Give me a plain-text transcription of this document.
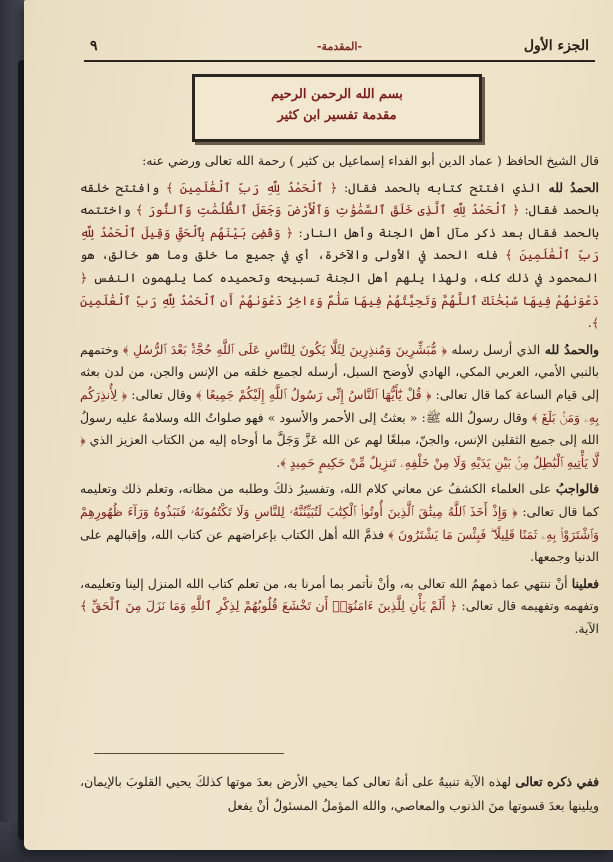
الجزء الأول
-المقدمة-
٩
بسم الله الرحمن الرحيم
مقدمة تفسير ابن كثير

قال الشيخ الحافظ ( عماد الدين أبو الفداء إسماعيل بن كثير ) رحمة الله تعالى ورضي عنه:

الحمدُ لله الذي افتتح كتابه بالحمد فقال: ﴿ ٱلْحَمْدُ لِلَّهِ رَبِّ ٱلْعَٰلَمِينَ ﴾ وافتتح خلقه بالحمد فقال: ﴿ ٱلْحَمْدُ لِلَّهِ ٱلَّذِى خَلَقَ ٱلسَّمَٰوَٰتِ وَٱلْأَرْضَ وَجَعَلَ ٱلظُّلُمَٰتِ وَٱلنُّورَ ﴾ واختتمه بالحمد فقال بعد ذكر مآل أهل الجنة وأهل النار: ﴿ وَقُضِىَ بَيْنَهُم بِٱلْحَقِّ وَقِيلَ ٱلْحَمْدُ لِلَّهِ رَبِّ ٱلْعَٰلَمِينَ ﴾ فله الحمد في الأولى والآخرة، أي في جميع ما خلق وما هو خالق، هو المحمود في ذلك كله، ولهذا يلهم أهل الجنة تسبيحه وتحميده كما يلهمون النفس ﴿ دَعْوَىٰهُمْ فِيهَا سُبْحَٰنَكَ ٱللَّهُمَّ وَتَحِيَّتُهُمْ فِيهَا سَلَٰمٌ وَءَاخِرُ دَعْوَىٰهُمْ أَنِ ٱلْحَمْدُ لِلَّهِ رَبِّ ٱلْعَٰلَمِينَ ﴾.

والحمدُ لله الذي أرسل رسله ﴿ مُّبَشِّرِينَ وَمُنذِرِينَ لِئَلَّا يَكُونَ لِلنَّاسِ عَلَى ٱللَّهِ حُجَّةٌۢ بَعْدَ ٱلرُّسُلِ ﴾ وختمهم بالنبي الأمي، العربي المكي، الهادي لأوضح السبل، أرسله لجميع خلقه من الإنس والجن، من لدن بعثه إلى قيام الساعة كما قال تعالى: ﴿ قُلْ يَٰٓأَيُّهَا ٱلنَّاسُ إِنِّى رَسُولُ ٱللَّهِ إِلَيْكُمْ جَمِيعًا ﴾ وقال تعالى: ﴿ لِأُنذِرَكُم بِهِۦ وَمَنۢ بَلَغَ ﴾ وقال رسولُ الله ﷺ: « بعثتُ إلى الأحمر والأسود » فهو صلواتُ الله وسلامهُ عليه رسولُ الله إلى جميع الثقلين الإنس، والجنّ، مبلغًا لهم عن الله عَزَّ وَجَلَّ ما أوحاه إليه من الكتاب العزيز الذي ﴿ لَّا يَأْتِيهِ ٱلْبَٰطِلُ مِنۢ بَيْنِ يَدَيْهِ وَلَا مِنْ خَلْفِهِۦ تَنزِيلٌ مِّنْ حَكِيمٍ حَمِيدٍ ﴾.

فالواجبُ على العلماء الكشفُ عن معاني كلام الله، وتفسيرُ ذلكَ وطلبه من مظانه، وتعلم ذلك وتعليمه كما قال تعالى: ﴿ وَإِذْ أَخَذَ ٱللَّهُ مِيثَٰقَ ٱلَّذِينَ أُوتُوا۟ ٱلْكِتَٰبَ لَتُبَيِّنُنَّهُۥ لِلنَّاسِ وَلَا تَكْتُمُونَهُۥ فَنَبَذُوهُ وَرَآءَ ظُهُورِهِمْ وَٱشْتَرَوْا۟ بِهِۦ ثَمَنًا قَلِيلًا ۖ فَبِئْسَ مَا يَشْتَرُونَ ﴾ فذمَّ الله أهل الكتاب بإعراضهم عن كتاب الله، وإقبالهم على الدنيا وجمعها.

فعلينا أنْ ننتهي عما ذمهمُ الله تعالى به، وأنْ نأتمر بما أمرنا به، من تعلم كتاب الله المنزل إلينا وتعليمه، وتفهمه وتفهيمه قال تعالى: ﴿ أَلَمْ يَأْنِ لِلَّذِينَ ءَامَنُوٓا۟ أَن تَخْشَعَ قُلُوبُهُمْ لِذِكْرِ ٱللَّهِ وَمَا نَزَلَ مِنَ ٱلْحَقِّ ﴾ الآية.

ففي ذكره تعالى لهذه الآية تنبيهٌ على أنهُ تعالى كما يحيي الأرض بعدَ موتها كذلكَ يحيي القلوبَ بالإيمان، ويلينها بعدَ قسوتها منَ الذنوب والمعاصي، والله المؤملُ المسئولُ أنْ يفعل
